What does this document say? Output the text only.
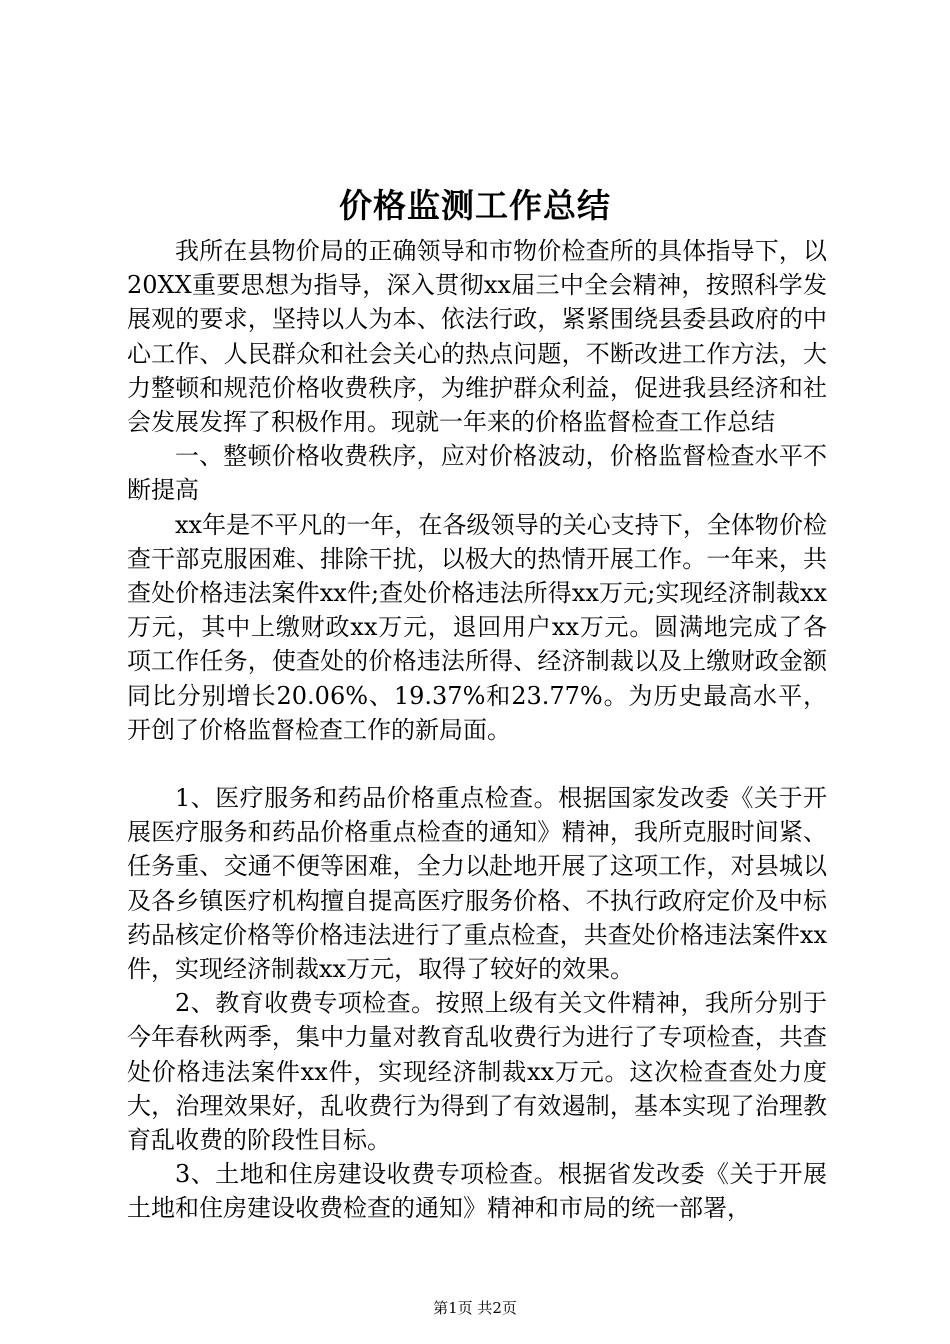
价格监测工作总结

我所在县物价局的正确领导和市物价检查所的具体指导下，以20XX重要思想为指导，深入贯彻xx届三中全会精神，按照科学发展观的要求，坚持以人为本、依法行政，紧紧围绕县委县政府的中心工作、人民群众和社会关心的热点问题，不断改进工作方法，大力整顿和规范价格收费秩序，为维护群众利益，促进我县经济和社会发展发挥了积极作用。现就一年来的价格监督检查工作总结

一、整顿价格收费秩序，应对价格波动，价格监督检查水平不断提高

xx年是不平凡的一年，在各级领导的关心支持下，全体物价检查干部克服困难、排除干扰，以极大的热情开展工作。一年来，共查处价格违法案件xx件;查处价格违法所得xx万元;实现经济制裁xx万元，其中上缴财政xx万元，退回用户xx万元。圆满地完成了各项工作任务，使查处的价格违法所得、经济制裁以及上缴财政金额同比分别增长20.06%、19.37%和23.77%。为历史最高水平，开创了价格监督检查工作的新局面。

1、医疗服务和药品价格重点检查。根据国家发改委《关于开展医疗服务和药品价格重点检查的通知》精神，我所克服时间紧、任务重、交通不便等困难，全力以赴地开展了这项工作，对县城以及各乡镇医疗机构擅自提高医疗服务价格、不执行政府定价及中标药品核定价格等价格违法进行了重点检查，共查处价格违法案件xx件，实现经济制裁xx万元，取得了较好的效果。

2、教育收费专项检查。按照上级有关文件精神，我所分别于今年春秋两季，集中力量对教育乱收费行为进行了专项检查，共查处价格违法案件xx件，实现经济制裁xx万元。这次检查查处力度大，治理效果好，乱收费行为得到了有效遏制，基本实现了治理教育乱收费的阶段性目标。

3、土地和住房建设收费专项检查。根据省发改委《关于开展土地和住房建设收费检查的通知》精神和市局的统一部署，

第1页 共2页
